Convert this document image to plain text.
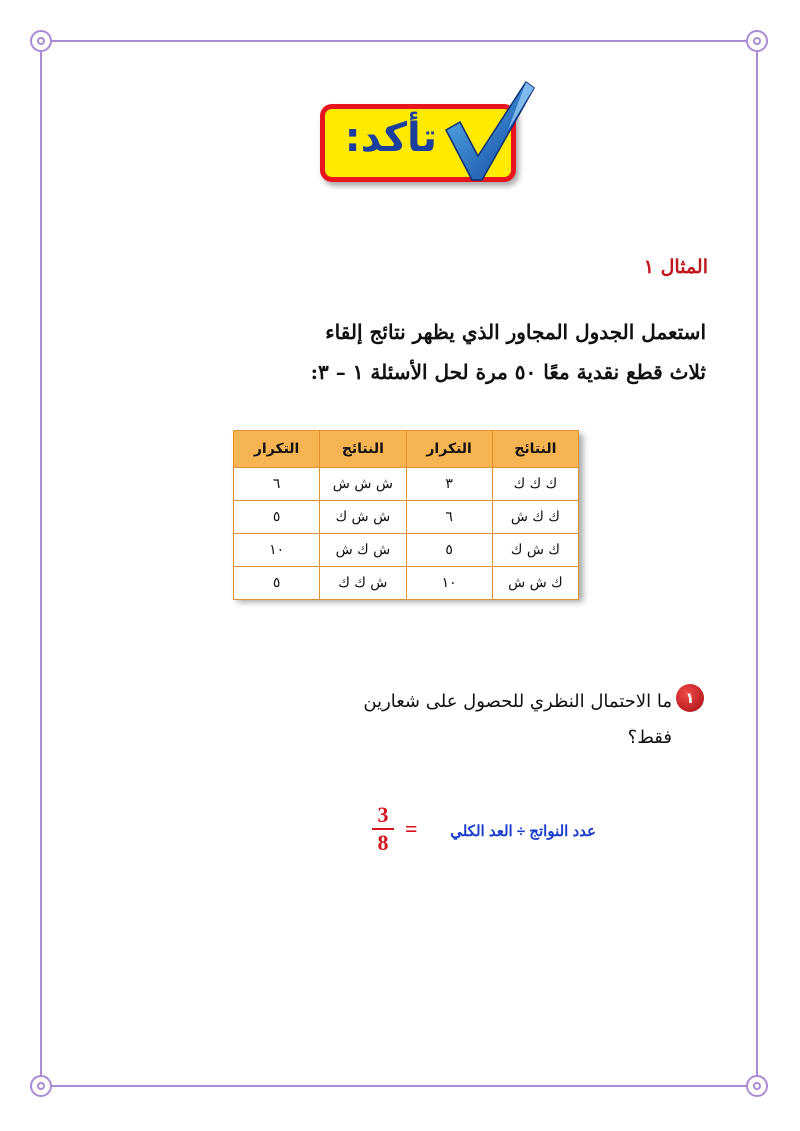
تأكد:
المثال ١
استعمل الجدول المجاور الذي يظهر نتائج إلقاء
ثلاث قطع نقدية معًا ٥٠ مرة لحل الأسئلة ١ – ٣:
النتائج	التكرار	النتائج	التكرار
ك ك ك	٣	ش ش ش	٦
ك ك ش	٦	ش ش ك	٥
ك ش ك	٥	ش ك ش	١٠
ك ش ش	١٠	ش ك ك	٥
١
ما الاحتمال النظري للحصول على شعارين
فقط؟
عدد النواتج ÷ العد الكلي
=
3
8
